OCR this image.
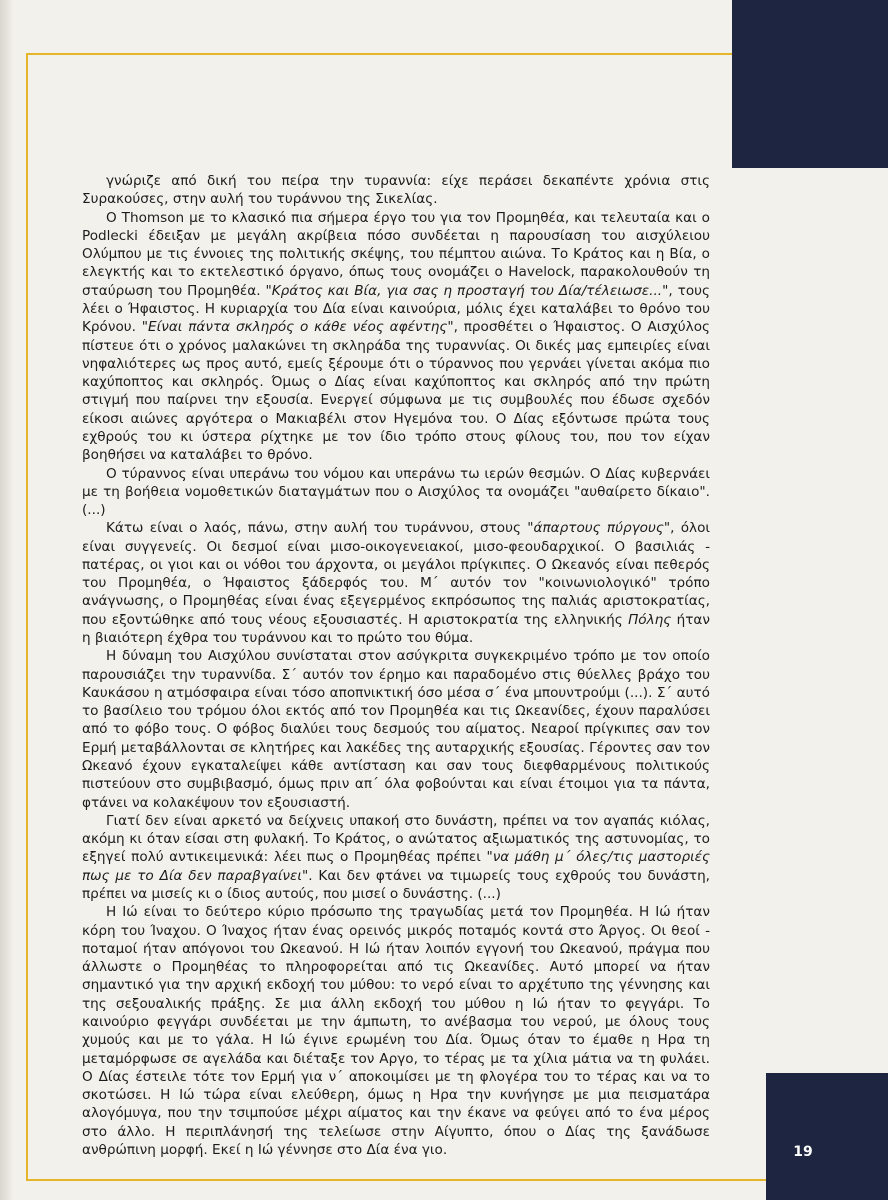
19

γνώριζε από δική του πείρα την τυραννία: είχε περάσει δεκαπέντε χρόνια στις Συρακούσες, στην αυλή του τυράννου της Σικελίας.

Ο Thomson με το κλασικό πια σήμερα έργο του για τον Προμηθέα, και τελευταία και ο Podlecki έδειξαν με μεγάλη ακρίβεια πόσο συνδέεται η παρουσίαση του αισχύλειου Ολύμπου με τις έννοιες της πολιτικής σκέψης, του πέμπτου αιώνα. Το Κράτος και η Βία, ο ελεγκτής και το εκτελεστικό όργανο, όπως τους ονομάζει ο Havelock, παρακολουθούν τη σταύρωση του Προμηθέα. "Κράτος και Βία, για σας η προσταγή του Δία/τέλειωσε...", τους λέει ο Ήφαιστος. Η κυριαρχία του Δία είναι καινούρια, μόλις έχει καταλάβει το θρόνο του Κρόνου. "Είναι πάντα σκληρός ο κάθε νέος αφέντης", προσθέτει ο Ήφαιστος. Ο Αισχύλος πίστευε ότι ο χρόνος μαλακώνει τη σκληράδα της τυραννίας. Οι δικές μας εμπειρίες είναι νηφαλιότερες ως προς αυτό, εμείς ξέρουμε ότι ο τύραννος που γερνάει γίνεται ακόμα πιο καχύποπτος και σκληρός. Όμως ο Δίας είναι καχύποπτος και σκληρός από την πρώτη στιγμή που παίρνει την εξουσία. Ενεργεί σύμφωνα με τις συμβουλές που έδωσε σχεδόν είκοσι αιώνες αργότερα ο Μακιαβέλι στον Ηγεμόνα του. Ο Δίας εξόντωσε πρώτα τους εχθρούς του κι ύστερα ρίχτηκε με τον ίδιο τρόπο στους φίλους του, που τον είχαν βοηθήσει να καταλάβει το θρόνο.

Ο τύραννος είναι υπεράνω του νόμου και υπεράνω τω ιερών θεσμών. Ο Δίας κυβερνάει με τη βοήθεια νομοθετικών διαταγμάτων που ο Αισχύλος τα ονομάζει "αυθαίρετο δίκαιο". (...)

Κάτω είναι ο λαός, πάνω, στην αυλή του τυράννου, στους "άπαρτους πύργους", όλοι είναι συγγενείς. Οι δεσμοί είναι μισο-οικογενειακοί, μισο-φεουδαρχικοί. Ο βασιλιάς - πατέρας, οι γιοι και οι νόθοι του άρχοντα, οι μεγάλοι πρίγκιπες. Ο Ωκεανός είναι πεθερός του Προμηθέα, ο Ήφαιστος ξάδερφός του. Μ΄ αυτόν τον "κοινωνιολογικό" τρόπο ανάγνωσης, ο Προμηθέας είναι ένας εξεγερμένος εκπρόσωπος της παλιάς αριστοκρατίας, που εξοντώθηκε από τους νέους εξουσιαστές. Η αριστοκρατία της ελληνικής Πόλης ήταν η βιαιότερη έχθρα του τυράννου και το πρώτο του θύμα.

Η δύναμη του Αισχύλου συνίσταται στον ασύγκριτα συγκεκριμένο τρόπο με τον οποίο παρουσιάζει την τυραννίδα. Σ΄ αυτόν τον έρημο και παραδομένο στις θύελλες βράχο του Καυκάσου η ατμόσφαιρα είναι τόσο αποπνικτική όσο μέσα σ΄ ένα μπουντρούμι (...). Σ΄ αυτό το βασίλειο του τρόμου όλοι εκτός από τον Προμηθέα και τις Ωκεανίδες, έχουν παραλύσει από το φόβο τους. Ο φόβος διαλύει τους δεσμούς του αίματος. Νεαροί πρίγκιπες σαν τον Ερμή μεταβάλλονται σε κλητήρες και λακέδες της αυταρχικής εξουσίας. Γέροντες σαν τον Ωκεανό έχουν εγκαταλείψει κάθε αντίσταση και σαν τους διεφθαρμένους πολιτικούς πιστεύουν στο συμβιβασμό, όμως πριν απ΄ όλα φοβούνται και είναι έτοιμοι για τα πάντα, φτάνει να κολακέψουν τον εξουσιαστή.

Γιατί δεν είναι αρκετό να δείχνεις υπακοή στο δυνάστη, πρέπει να τον αγαπάς κιόλας, ακόμη κι όταν είσαι στη φυλακή. Το Κράτος, ο ανώτατος αξιωματικός της αστυνομίας, το εξηγεί πολύ αντικειμενικά: λέει πως ο Προμηθέας πρέπει "να μάθη μ΄ όλες/τις μαστοριές πως με το Δία δεν παραβγαίνει". Και δεν φτάνει να τιμωρείς τους εχθρούς του δυνάστη, πρέπει να μισείς κι ο ίδιος αυτούς, που μισεί ο δυνάστης. (...)

Η Ιώ είναι το δεύτερο κύριο πρόσωπο της τραγωδίας μετά τον Προμηθέα. Η Ιώ ήταν κόρη του Ίναχου. Ο Ίναχος ήταν ένας ορεινός μικρός ποταμός κοντά στο Άργος. Οι θεοί - ποταμοί ήταν απόγονοι του Ωκεανού. Η Ιώ ήταν λοιπόν εγγονή του Ωκεανού, πράγμα που άλλωστε ο Προμηθέας το πληροφορείται από τις Ωκεανίδες. Αυτό μπορεί να ήταν σημαντικό για την αρχική εκδοχή του μύθου: το νερό είναι το αρχέτυπο της γέννησης και της σεξουαλικής πράξης. Σε μια άλλη εκδοχή του μύθου η Ιώ ήταν το φεγγάρι. Το καινούριο φεγγάρι συνδέεται με την άμπωτη, το ανέβασμα του νερού, με όλους τους χυμούς και με το γάλα. Η Ιώ έγινε ερωμένη του Δία. Όμως όταν το έμαθε η Ηρα τη μεταμόρφωσε σε αγελάδα και διέταξε τον Αργο, το τέρας με τα χίλια μάτια να τη φυλάει. Ο Δίας έστειλε τότε τον Ερμή για ν΄ αποκοιμίσει με τη φλογέρα του το τέρας και να το σκοτώσει. Η Ιώ τώρα είναι ελεύθερη, όμως η Ηρα την κυνήγησε με μια πεισματάρα αλογόμυγα, που την τσιμπούσε μέχρι αίματος και την έκανε να φεύγει από το ένα μέρος στο άλλο. Η περιπλάνησή της τελείωσε στην Αίγυπτο, όπου ο Δίας της ξανάδωσε ανθρώπινη μορφή. Εκεί η Ιώ γέννησε στο Δία ένα γιο.
